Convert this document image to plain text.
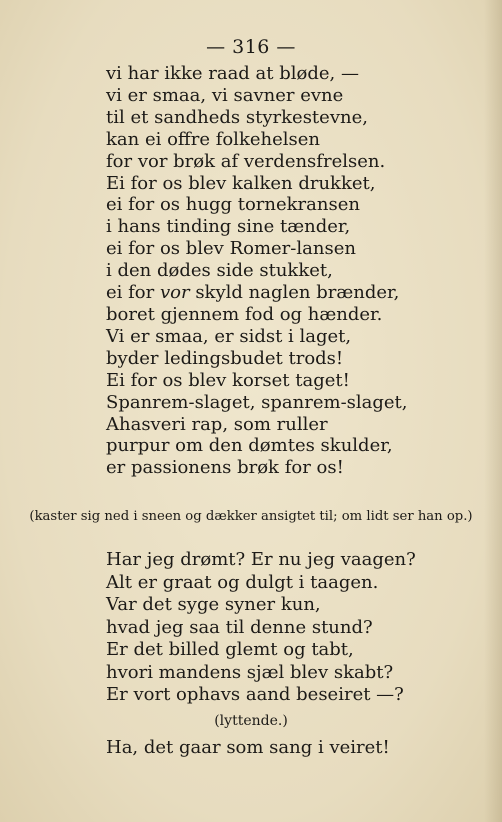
— 316 —
vi har ikke raad at bløde, —
vi er smaa, vi savner evne
til et sandheds styrkestevne,
kan ei offre folkehelsen
for vor brøk af verdensfrelsen.
Ei for os blev kalken drukket,
ei for os hugg tornekransen
i hans tinding sine tænder,
ei for os blev Romer-lansen
i den dødes side stukket,
ei for vor skyld naglen brænder,
boret gjennem fod og hænder.
Vi er smaa, er sidst i laget,
byder ledingsbudet trods!
Ei for os blev korset taget!
Spanrem-slaget, spanrem-slaget,
Ahasveri rap, som ruller
purpur om den dømtes skulder,
er passionens brøk for os!
(kaster sig ned i sneen og dækker ansigtet til; om lidt ser han op.)
Har jeg drømt? Er nu jeg vaagen?
Alt er graat og dulgt i taagen.
Var det syge syner kun,
hvad jeg saa til denne stund?
Er det billed glemt og tabt,
hvori mandens sjæl blev skabt?
Er vort ophavs aand beseiret —?
(lyttende.)
Ha, det gaar som sang i veiret!
